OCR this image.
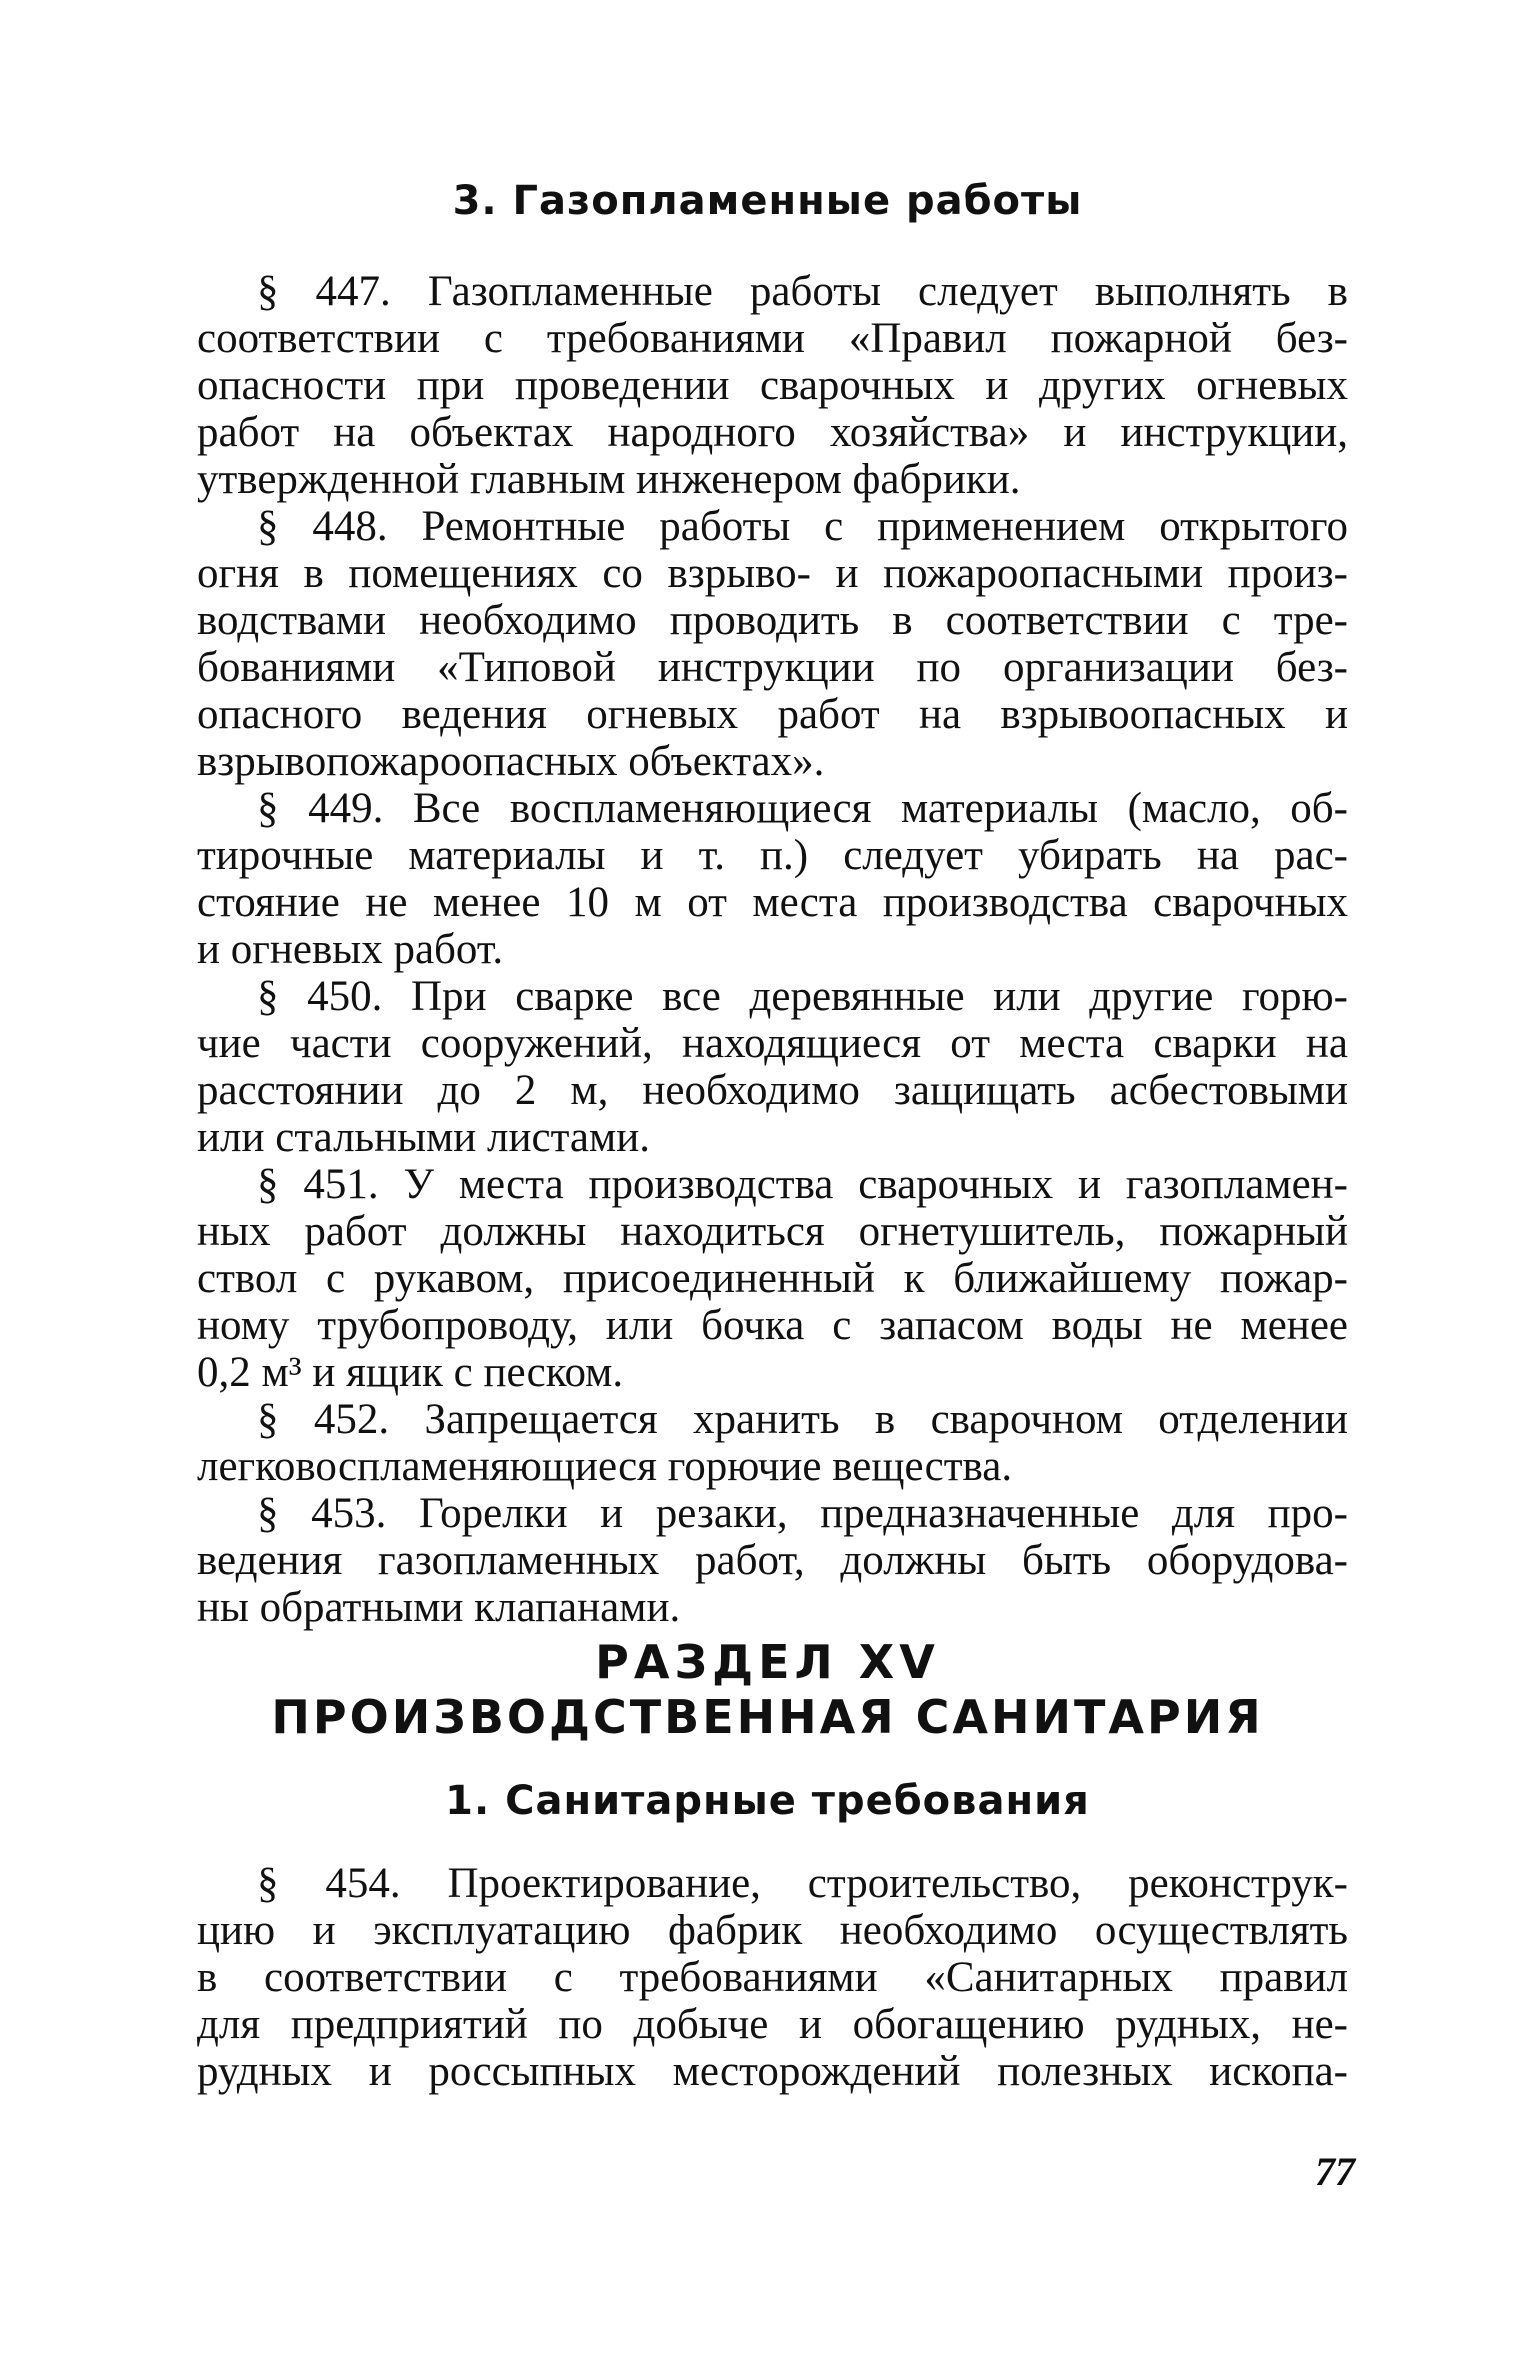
3. Газопламенные работы
§ 447. Газопламенные работы следует выполнять в
соответствии с требованиями «Правил пожарной без-
опасности при проведении сварочных и других огневых
работ на объектах народного хозяйства» и инструкции,
утвержденной главным инженером фабрики.
§ 448. Ремонтные работы с применением открытого
огня в помещениях со взрыво- и пожароопасными произ-
водствами необходимо проводить в соответствии с тре-
бованиями «Типовой инструкции по организации без-
опасного ведения огневых работ на взрывоопасных и
взрывопожароопасных объектах».
§ 449. Все воспламеняющиеся материалы (масло, об-
тирочные материалы и т. п.) следует убирать на рас-
стояние не менее 10 м от места производства сварочных
и огневых работ.
§ 450. При сварке все деревянные или другие горю-
чие части сооружений, находящиеся от места сварки на
расстоянии до 2 м, необходимо защищать асбестовыми
или стальными листами.
§ 451. У места производства сварочных и газопламен-
ных работ должны находиться огнетушитель, пожарный
ствол с рукавом, присоединенный к ближайшему пожар-
ному трубопроводу, или бочка с запасом воды не менее
0,2 м³ и ящик с песком.
§ 452. Запрещается хранить в сварочном отделении
легковоспламеняющиеся горючие вещества.
§ 453. Горелки и резаки, предназначенные для про-
ведения газопламенных работ, должны быть оборудова-
ны обратными клапанами.
РАЗДЕЛ XV
ПРОИЗВОДСТВЕННАЯ САНИТАРИЯ
1. Санитарные требования
§ 454. Проектирование, строительство, реконструк-
цию и эксплуатацию фабрик необходимо осуществлять
в соответствии с требованиями «Санитарных правил
для предприятий по добыче и обогащению рудных, не-
рудных и россыпных месторождений полезных ископа-
77
